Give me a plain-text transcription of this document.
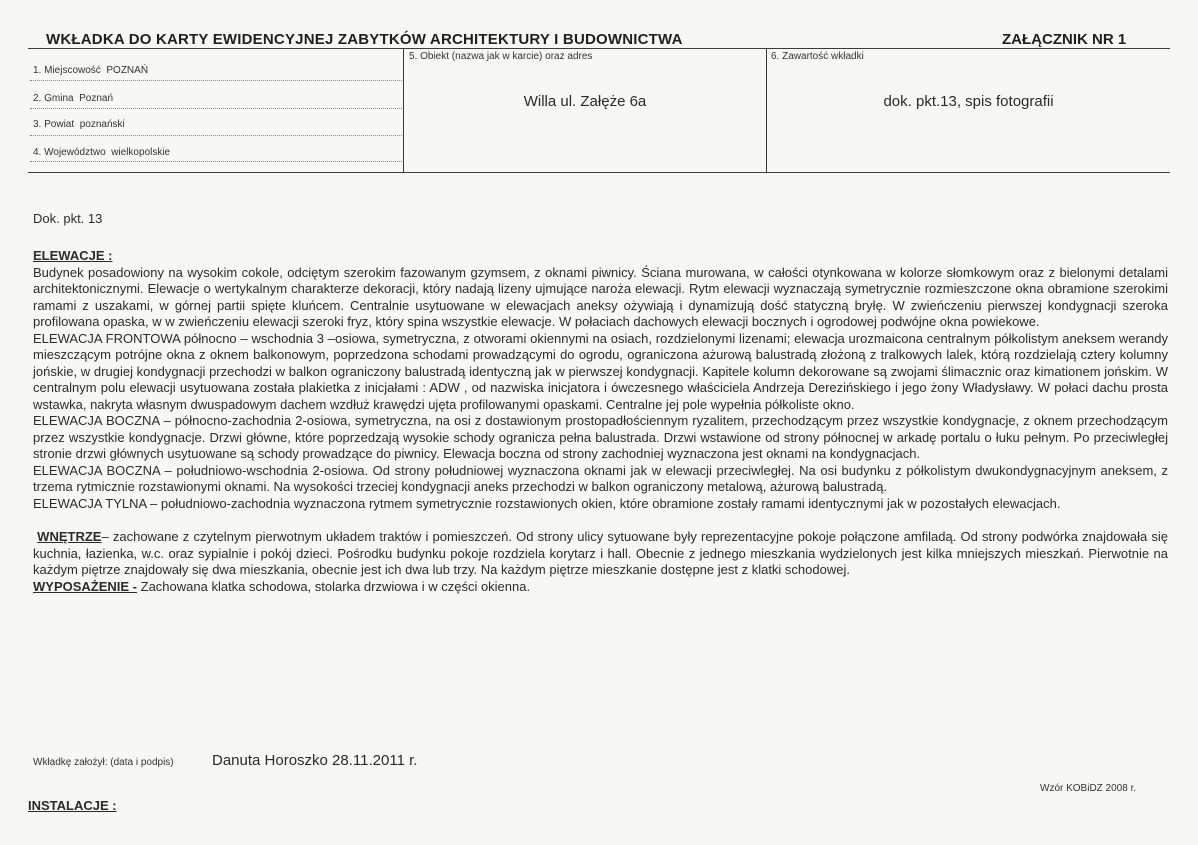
WKŁADKA DO KARTY EWIDENCYJNEJ ZABYTKÓW ARCHITEKTURY I BUDOWNICTWA	ZAŁĄCZNIK NR 1
1. Miejscowość POZNAŃ
2. Gmina Poznań
3. Powiat poznański
4. Województwo wielkopolskie
5. Obiekt (nazwa jak w karcie) oraz adres
Willa ul. Załęże 6a
6. Zawartość wkładki
dok. pkt.13, spis fotografii
Dok. pkt. 13

ELEWACJE :

Budynek posadowiony na wysokim cokole, odciętym szerokim fazowanym gzymsem, z oknami piwnicy. Ściana murowana, w całości otynkowana w kolorze słomkowym oraz z bielonymi detalami architektonicznymi. Elewacje o wertykalnym charakterze dekoracji, który nadają lizeny ujmujące naroża elewacji. Rytm elewacji wyznaczają symetrycznie rozmieszczone okna obramione szerokimi ramami z uszakami, w górnej partii spięte kluńcem. Centralnie usytuowane w elewacjach aneksy ożywiają i dynamizują dość statyczną bryłę. W zwieńczeniu pierwszej kondygnacji szeroka profilowana opaska, w w zwieńczeniu elewacji szeroki fryz, który spina wszystkie elewacje. W połaciach dachowych elewacji bocznych i ogrodowej podwójne okna powiekowe.

ELEWACJA FRONTOWA północno – wschodnia 3 –osiowa, symetryczna, z otworami okiennymi na osiach, rozdzielonymi lizenami; elewacja urozmaicona centralnym półkolistym aneksem werandy mieszczącym potrójne okna z oknem balkonowym, poprzedzona schodami prowadzącymi do ogrodu, ograniczona ażurową balustradą złożoną z tralkowych lalek, którą rozdzielają cztery kolumny jońskie, w drugiej kondygnacji przechodzi w balkon ograniczony balustradą identyczną jak w pierwszej kondygnacji. Kapitele kolumn dekorowane są zwojami ślimacznic oraz kimationem jońskim. W centralnym polu elewacji usytuowana została plakietka z inicjałami : ADW , od nazwiska inicjatora i ówczesnego właściciela Andrzeja Dereziński​ego i jego żony Władysławy. W połaci dachu prosta wstawka, nakryta własnym dwuspadowym dachem wzdłuż krawędzi ujęta profilowanymi opaskami. Centralne jej pole wypełnia półkoliste okno.

ELEWACJA BOCZNA – północno-zachodnia 2-osiowa, symetryczna, na osi z dostawionym prostopadłościennym ryzalitem, przechodzącym przez wszystkie kondygnacje, z oknem przechodzącym przez wszystkie kondygnacje. Drzwi główne, które poprzedzają wysokie schody ogranicza pełna balustrada. Drzwi wstawione od strony północnej w arkadę portalu o łuku pełnym. Po przeciwległej stronie drzwi głównych usytuowane są schody prowadzące do piwnicy. Elewacja boczna od strony zachodniej wyznaczona jest oknami na kondygnacjach.

ELEWACJA BOCZNA – południowo-wschodnia 2-osiowa. Od strony południowej wyznaczona oknami jak w elewacji przeciwległej. Na osi budynku z półkolistym dwukondygnacyjnym aneksem, z trzema rytmicznie rozstawionymi oknami. Na wysokości trzeciej kondygnacji aneks przechodzi w balkon ograniczony metalową, ażurową balustradą.

ELEWACJA TYLNA – południowo-zachodnia wyznaczona rytmem symetrycznie rozstawionych okien, które obramione zostały ramami identycznymi jak w pozostałych elewacjach.

WNĘTRZE– zachowane z czytelnym pierwotnym układem traktów i pomieszczeń. Od strony ulicy sytuowane były reprezentacyjne pokoje połączone amfiladą. Od strony podwórka znajdowała się kuchnia, łazienka, w.c. oraz sypialnie i pokój dzieci. Pośrodku budynku pokoje rozdziela korytarz i hall. Obecnie z jednego mieszkania wydzielonych jest kilka mniejszych mieszkań. Pierwotnie na każdym piętrze znajdowały się dwa mieszkania, obecnie jest ich dwa lub trzy. Na każdym piętrze mieszkanie dostępne jest z klatki schodowej.

WYPOSAŻENIE - Zachowana klatka schodowa, stolarka drzwiowa i w części okienna.

Wkładkę założył: (data i podpis)	Danuta Horoszko 28.11.2011 r.
Wzór KOBiDZ 2008 r.
INSTALACJE :
